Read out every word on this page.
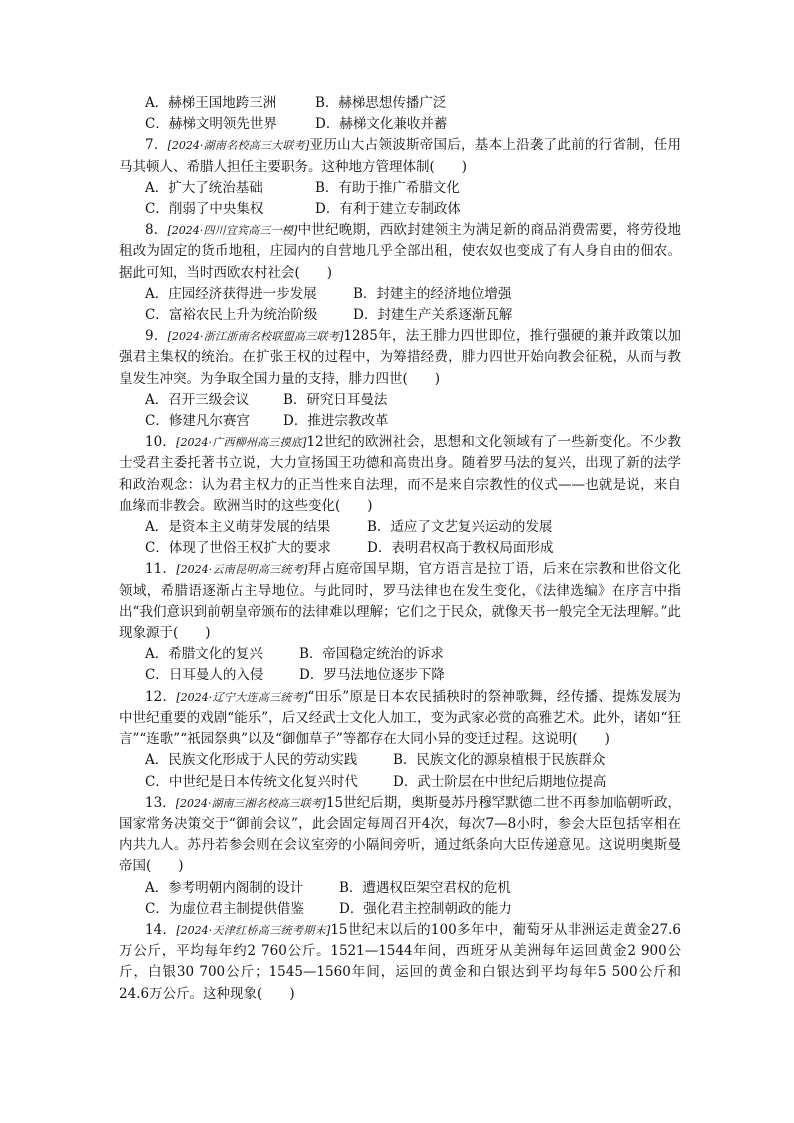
A．赫梯王国地跨三洲	B．赫梯思想传播广泛
C．赫梯文明领先世界	D．赫梯文化兼收并蓄
7．[2024·湖南名校高三大联考]亚历山大占领波斯帝国后，基本上沿袭了此前的行省制，任用马其顿人、希腊人担任主要职务。这种地方管理体制(　　)
A．扩大了统治基础	B．有助于推广希腊文化
C．削弱了中央集权	D．有利于建立专制政体
8．[2024·四川宜宾高三一模]中世纪晚期，西欧封建领主为满足新的商品消费需要，将劳役地租改为固定的货币地租，庄园内的自营地几乎全部出租，使农奴也变成了有人身自由的佃农。据此可知，当时西欧农村社会(　　)
A．庄园经济获得进一步发展	B．封建主的经济地位增强
C．富裕农民上升为统治阶级	D．封建生产关系逐渐瓦解
9．[2024·浙江浙南名校联盟高三联考]1285年，法王腓力四世即位，推行强硬的兼并政策以加强君主集权的统治。在扩张王权的过程中，为筹措经费，腓力四世开始向教会征税，从而与教皇发生冲突。为争取全国力量的支持，腓力四世(　　)
A．召开三级会议	B．研究日耳曼法
C．修建凡尔赛宫 D．推进宗教改革
10．[2024·广西柳州高三摸底]12世纪的欧洲社会，思想和文化领域有了一些新变化。不少教士受君主委托著书立说，大力宣扬国王功德和高贵出身。随着罗马法的复兴，出现了新的法学和政治观念：认为君主权力的正当性来自法理，而不是来自宗教性的仪式——也就是说，来自血缘而非教会。欧洲当时的这些变化(　　)
A．是资本主义萌芽发展的结果	B．适应了文艺复兴运动的发展
C．体现了世俗王权扩大的要求	D．表明君权高于教权局面形成
11．[2024·云南昆明高三统考]拜占庭帝国早期，官方语言是拉丁语，后来在宗教和世俗文化领域，希腊语逐渐占主导地位。与此同时，罗马法律也在发生变化，《法律选编》在序言中指出“我们意识到前朝皇帝颁布的法律难以理解；它们之于民众，就像天书一般完全无法理解。”此现象源于(　　)
A．希腊文化的复兴	B．帝国稳定统治的诉求
C．日耳曼人的入侵	D．罗马法地位逐步下降
12．[2024·辽宁大连高三统考]“田乐”原是日本农民插秧时的祭神歌舞，经传播、提炼发展为中世纪重要的戏剧“能乐”，后又经武士文化人加工，变为武家必赏的高雅艺术。此外，诸如“狂言”“连歌”“祇园祭典”以及“御伽草子”等都存在大同小异的变迁过程。这说明(　　)
A．民族文化形成于人民的劳动实践	B．民族文化的源泉植根于民族群众
C．中世纪是日本传统文化复兴时代	D．武士阶层在中世纪后期地位提高
13．[2024·湖南三湘名校高三联考]15世纪后期，奥斯曼苏丹穆罕默德二世不再参加临朝听政，国家常务决策交于“御前会议”，此会固定每周召开4次，每次7—8小时，参会大臣包括宰相在内共九人。苏丹若参会则在会议室旁的小隔间旁听，通过纸条向大臣传递意见。这说明奥斯曼帝国(　　)
A．参考明朝内阁制的设计	B．遭遇权臣架空君权的危机
C．为虚位君主制提供借鉴	D．强化君主控制朝政的能力
14．[2024·天津红桥高三统考期末]15世纪末以后的100多年中，葡萄牙从非洲运走黄金27.6万公斤，平均每年约2 760公斤。1521—1544年间，西班牙从美洲每年运回黄金2 900公斤，白银30 700公斤；1545—1560年间，运回的黄金和白银达到平均每年5 500公斤和24.6万公斤。这种现象(　　)
